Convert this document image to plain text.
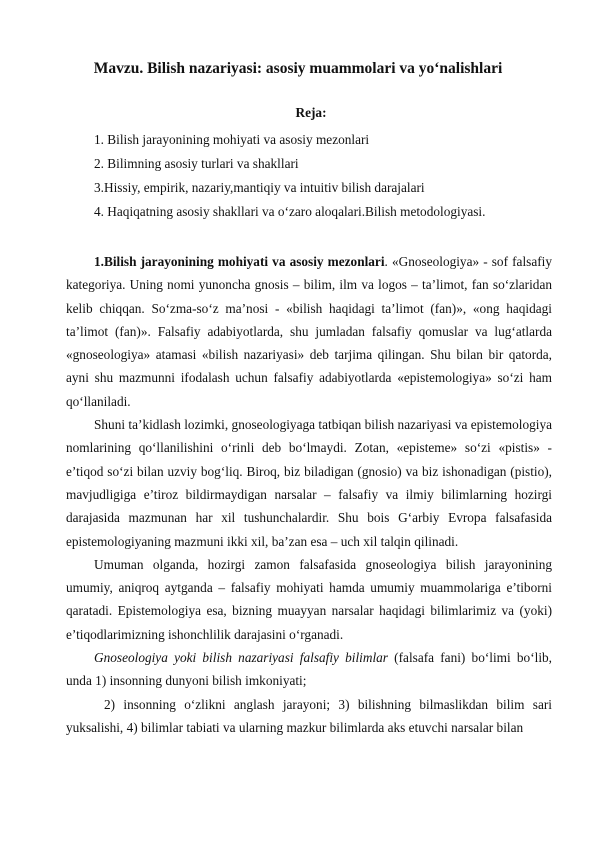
Mavzu. Bilish nazariyasi: asosiy muammolari va yo‘nalishlari
Reja:
1. Bilish jarayonining mohiyati va asosiy mezonlari
2. Bilimning asosiy turlari va shakllari
3.Hissiy, empirik, nazariy,mantiqiy va intuitiv bilish darajalari
4. Haqiqatning asosiy shakllari va o‘zaro aloqalari.Bilish metodologiyasi.

1.Bilish jarayonining mohiyati va asosiy mezonlari. «Gnoseologiya» - sof falsafiy kategoriya. Uning nomi yunoncha gnosis – bilim, ilm va logos – ta’limot, fan so‘zlaridan kelib chiqqan. So‘zma-so‘z ma’nosi - «bilish haqidagi ta’limot (fan)», «ong haqidagi ta’limot (fan)». Falsafiy adabiyotlarda, shu jumladan falsafiy qomuslar va lug‘atlarda «gnoseologiya» atamasi «bilish nazariyasi» deb tarjima qilingan. Shu bilan bir qatorda, ayni shu mazmunni ifodalash uchun falsafiy adabiyotlarda «epistemologiya» so‘zi ham qo‘llaniladi.

Shuni ta’kidlash lozimki, gnoseologiyaga tatbiqan bilish nazariyasi va epistemologiya nomlarining qo‘llanilishini o‘rinli deb bo‘lmaydi. Zotan, «episteme» so‘zi «pistis» - e’tiqod so‘zi bilan uzviy bog‘liq. Biroq, biz biladigan (gnosio) va biz ishonadigan (pistio), mavjudligiga e’tiroz bildirmaydigan narsalar – falsafiy va ilmiy bilimlarning hozirgi darajasida mazmunan har xil tushunchalardir. Shu bois G‘arbiy Evropa falsafasida epistemologiyaning mazmuni ikki xil, ba’zan esa – uch xil talqin qilinadi.

Umuman olganda, hozirgi zamon falsafasida gnoseologiya bilish jarayonining umumiy, aniqroq aytganda – falsafiy mohiyati hamda umumiy muammolariga e’tiborni qaratadi. Epistemologiya esa, bizning muayyan narsalar haqidagi bilimlarimiz va (yoki) e’tiqodlarimizning ishonchlilik darajasini o‘rganadi.

Gnoseologiya yoki bilish nazariyasi falsafiy bilimlar (falsafa fani) bo‘limi bo‘lib, unda 1) insonning dunyoni bilish imkoniyati;

2) insonning o‘zlikni anglash jarayoni; 3) bilishning bilmaslikdan bilim sari yuksalishi, 4) bilimlar tabiati va ularning mazkur bilimlarda aks etuvchi narsalar bilan
